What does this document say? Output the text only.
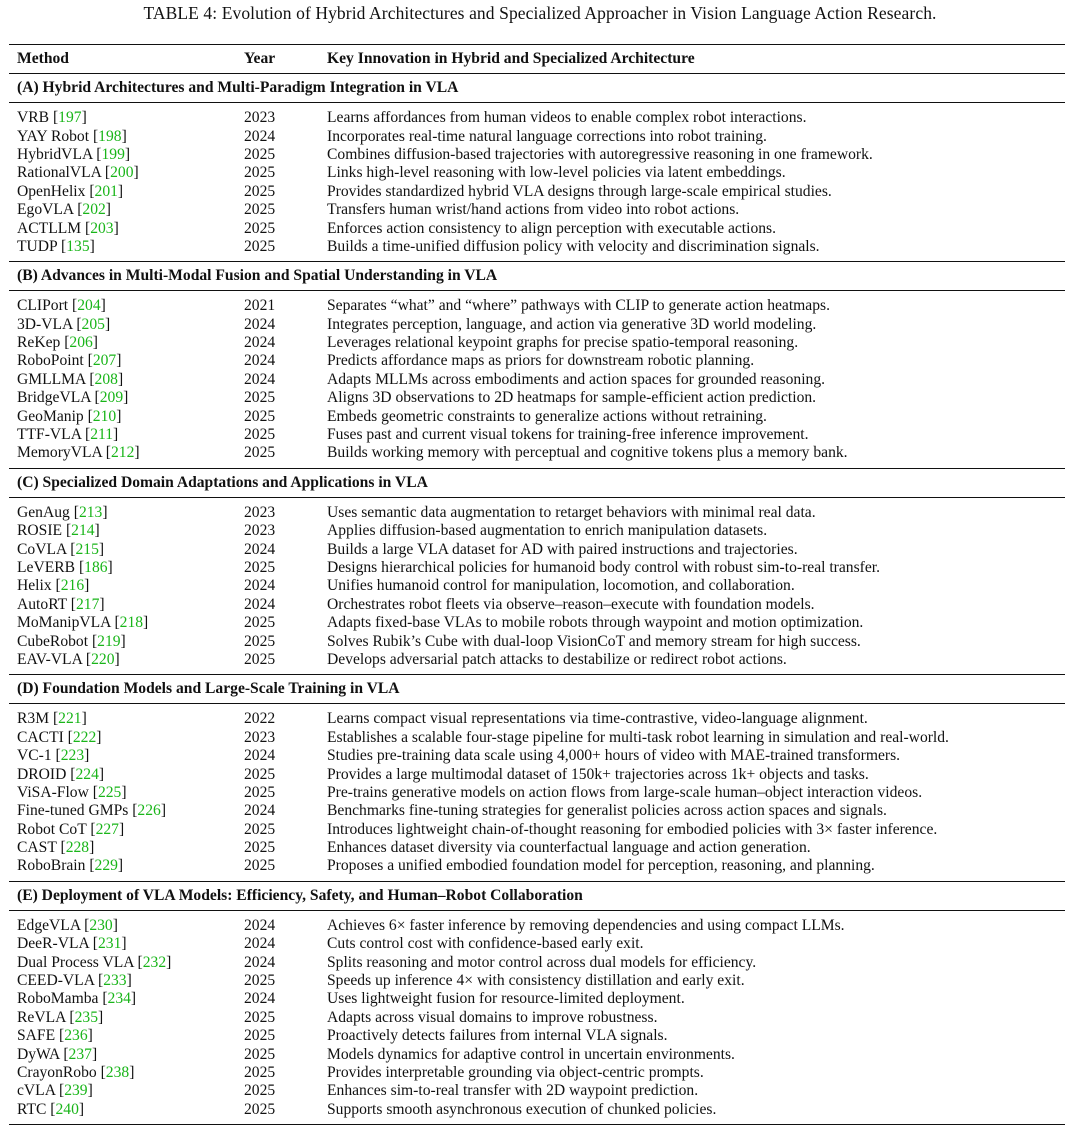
TABLE 4: Evolution of Hybrid Architectures and Specialized Approacher in Vision Language Action Research.
Method	Year	Key Innovation in Hybrid and Specialized Architecture
(A) Hybrid Architectures and Multi-Paradigm Integration in VLA		
VRB [197]	2023	Learns affordances from human videos to enable complex robot interactions.
YAY Robot [198]	2024	Incorporates real-time natural language corrections into robot training.
HybridVLA [199]	2025	Combines diffusion-based trajectories with autoregressive reasoning in one framework.
RationalVLA [200]	2025	Links high-level reasoning with low-level policies via latent embeddings.
OpenHelix [201]	2025	Provides standardized hybrid VLA designs through large-scale empirical studies.
EgoVLA [202]	2025	Transfers human wrist/hand actions from video into robot actions.
ACTLLM [203]	2025	Enforces action consistency to align perception with executable actions.
TUDP [135]	2025	Builds a time-unified diffusion policy with velocity and discrimination signals.
(B) Advances in Multi-Modal Fusion and Spatial Understanding in VLA		
CLIPort [204]	2021	Separates “what” and “where” pathways with CLIP to generate action heatmaps.
3D-VLA [205]	2024	Integrates perception, language, and action via generative 3D world modeling.
ReKep [206]	2024	Leverages relational keypoint graphs for precise spatio-temporal reasoning.
RoboPoint [207]	2024	Predicts affordance maps as priors for downstream robotic planning.
GMLLMA [208]	2024	Adapts MLLMs across embodiments and action spaces for grounded reasoning.
BridgeVLA [209]	2025	Aligns 3D observations to 2D heatmaps for sample-efficient action prediction.
GeoManip [210]	2025	Embeds geometric constraints to generalize actions without retraining.
TTF-VLA [211]	2025	Fuses past and current visual tokens for training-free inference improvement.
MemoryVLA [212]	2025	Builds working memory with perceptual and cognitive tokens plus a memory bank.
(C) Specialized Domain Adaptations and Applications in VLA		
GenAug [213]	2023	Uses semantic data augmentation to retarget behaviors with minimal real data.
ROSIE [214]	2023	Applies diffusion-based augmentation to enrich manipulation datasets.
CoVLA [215]	2024	Builds a large VLA dataset for AD with paired instructions and trajectories.
LeVERB [186]	2025	Designs hierarchical policies for humanoid body control with robust sim-to-real transfer.
Helix [216]	2024	Unifies humanoid control for manipulation, locomotion, and collaboration.
AutoRT [217]	2024	Orchestrates robot fleets via observe–reason–execute with foundation models.
MoManipVLA [218]	2025	Adapts fixed-base VLAs to mobile robots through waypoint and motion optimization.
CubeRobot [219]	2025	Solves Rubik’s Cube with dual-loop VisionCoT and memory stream for high success.
EAV-VLA [220]	2025	Develops adversarial patch attacks to destabilize or redirect robot actions.
(D) Foundation Models and Large-Scale Training in VLA		
R3M [221]	2022	Learns compact visual representations via time-contrastive, video-language alignment.
CACTI [222]	2023	Establishes a scalable four-stage pipeline for multi-task robot learning in simulation and real-world.
VC-1 [223]	2024	Studies pre-training data scale using 4,000+ hours of video with MAE-trained transformers.
DROID [224]	2025	Provides a large multimodal dataset of 150k+ trajectories across 1k+ objects and tasks.
ViSA-Flow [225]	2025	Pre-trains generative models on action flows from large-scale human–object interaction videos.
Fine-tuned GMPs [226]	2024	Benchmarks fine-tuning strategies for generalist policies across action spaces and signals.
Robot CoT [227]	2025	Introduces lightweight chain-of-thought reasoning for embodied policies with 3× faster inference.
CAST [228]	2025	Enhances dataset diversity via counterfactual language and action generation.
RoboBrain [229]	2025	Proposes a unified embodied foundation model for perception, reasoning, and planning.
(E) Deployment of VLA Models: Efficiency, Safety, and Human–Robot Collaboration		
EdgeVLA [230]	2024	Achieves 6× faster inference by removing dependencies and using compact LLMs.
DeeR-VLA [231]	2024	Cuts control cost with confidence-based early exit.
Dual Process VLA [232]	2024	Splits reasoning and motor control across dual models for efficiency.
CEED-VLA [233]	2025	Speeds up inference 4× with consistency distillation and early exit.
RoboMamba [234]	2024	Uses lightweight fusion for resource-limited deployment.
ReVLA [235]	2025	Adapts across visual domains to improve robustness.
SAFE [236]	2025	Proactively detects failures from internal VLA signals.
DyWA [237]	2025	Models dynamics for adaptive control in uncertain environments.
CrayonRobo [238]	2025	Provides interpretable grounding via object-centric prompts.
cVLA [239]	2025	Enhances sim-to-real transfer with 2D waypoint prediction.
RTC [240]	2025	Supports smooth asynchronous execution of chunked policies.
